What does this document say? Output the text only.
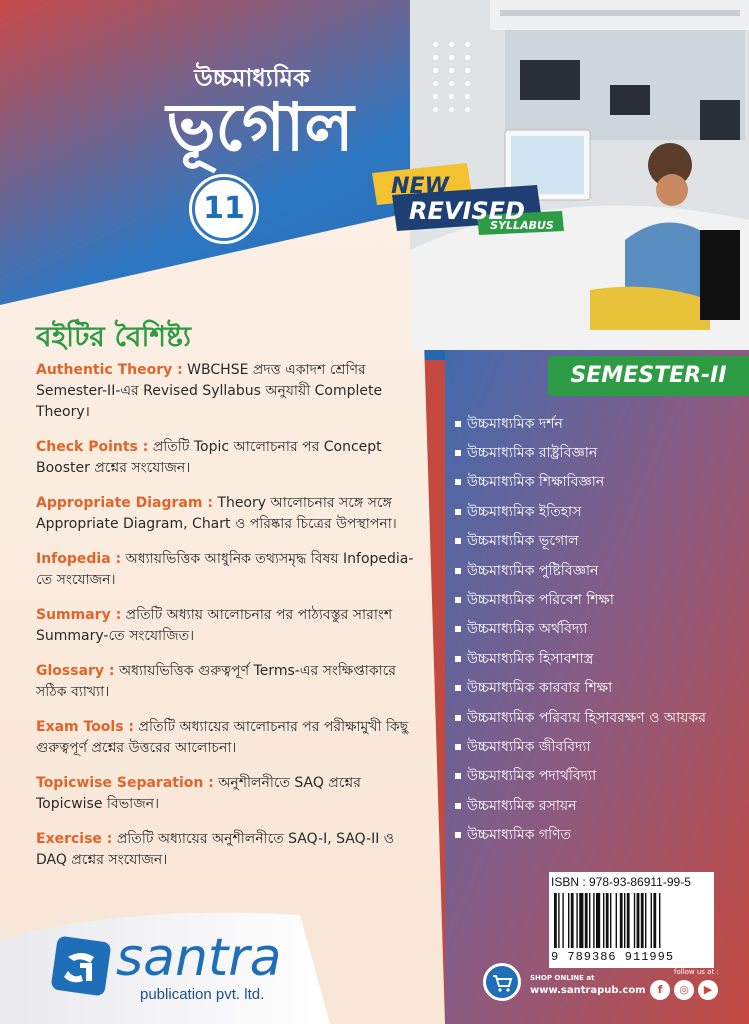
উচ্চমাধ্যমিক
ভূগোল
11
NEW
REVISED
SYLLABUS
বইটির বৈশিষ্ট্য
Authentic Theory : WBCHSE প্রদত্ত একাদশ শ্রেণির Semester-II-এর Revised Syllabus অনুযায়ী Complete Theory।
Check Points : প্রতিটি Topic আলোচনার পর Concept Booster প্রশ্নের সংযোজন।
Appropriate Diagram : Theory আলোচনার সঙ্গে সঙ্গে Appropriate Diagram, Chart ও পরিষ্কার চিত্রের উপস্থাপনা।
Infopedia : অধ্যায়ভিত্তিক আধুনিক তথ্যসমৃদ্ধ বিষয় Infopedia-তে সংযোজন।
Summary : প্রতিটি অধ্যায় আলোচনার পর পাঠ্যবস্তুর সারাংশ Summary-তে সংযোজিত।
Glossary : অধ্যায়ভিত্তিক গুরুত্বপূর্ণ Terms-এর সংক্ষিপ্তাকারে সঠিক ব্যাখ্যা।
Exam Tools : প্রতিটি অধ্যায়ের আলোচনার পর পরীক্ষামুখী কিছু গুরুত্বপূর্ণ প্রশ্নের উত্তরের আলোচনা।
Topicwise Separation : অনুশীলনীতে SAQ প্রশ্নের Topicwise বিভাজন।
Exercise : প্রতিটি অধ্যায়ের অনুশীলনীতে SAQ-I, SAQ-II ও DAQ প্রশ্নের সংযোজন।
SEMESTER-II
উচ্চমাধ্যমিক দর্শন
উচ্চমাধ্যমিক রাষ্ট্রবিজ্ঞান
উচ্চমাধ্যমিক শিক্ষাবিজ্ঞান
উচ্চমাধ্যমিক ইতিহাস
উচ্চমাধ্যমিক ভূগোল
উচ্চমাধ্যমিক পুষ্টিবিজ্ঞান
উচ্চমাধ্যমিক পরিবেশ শিক্ষা
উচ্চমাধ্যমিক অর্থবিদ্যা
উচ্চমাধ্যমিক হিসাবশাস্ত্র
উচ্চমাধ্যমিক কারবার শিক্ষা
উচ্চমাধ্যমিক পরিব্যয় হিসাবরক্ষণ ও আয়কর
উচ্চমাধ্যমিক জীববিদ্যা
উচ্চমাধ্যমিক পদার্থবিদ্যা
উচ্চমাধ্যমিক রসায়ন
উচ্চমাধ্যমিক গণিত
ISBN : 978-93-86911-99-5
9 789386 911995
SHOP ONLINE at
www.santrapub.com
follow us at :
f	◎	▶
santra
publication pvt. ltd.
